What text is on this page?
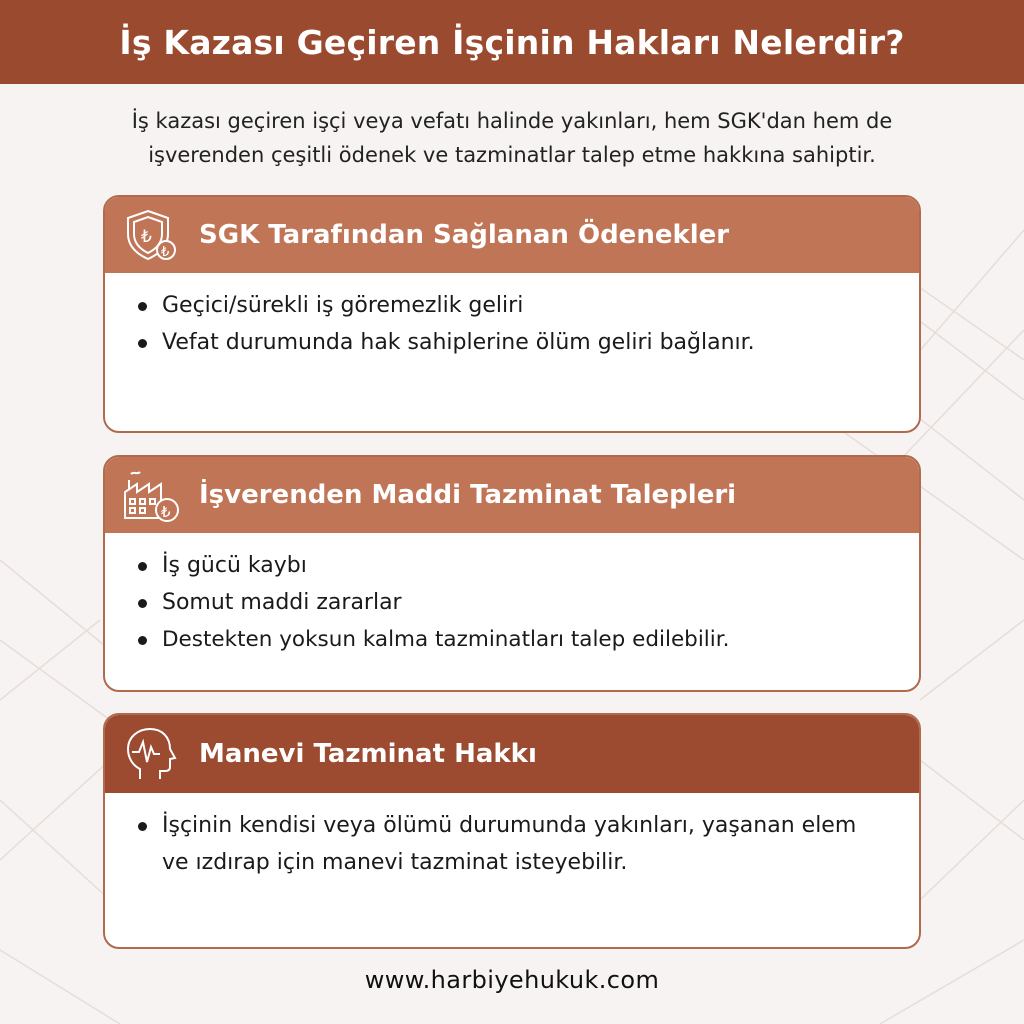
İş Kazası Geçiren İşçinin Hakları Nelerdir?
İş kazası geçiren işçi veya vefatı halinde yakınları, hem SGK'dan hem de
işverenden çeşitli ödenek ve tazminatlar talep etme hakkına sahiptir.
₺
₺
SGK Tarafından Sağlanan Ödenekler
Geçici/sürekli iş göremezlik geliri
Vefat durumunda hak sahiplerine ölüm geliri bağlanır.
₺
İşverenden Maddi Tazminat Talepleri
İş gücü kaybı
Somut maddi zararlar
Destekten yoksun kalma tazminatları talep edilebilir.
Manevi Tazminat Hakkı
İşçinin kendisi veya ölümü durumunda yakınları, yaşanan elem ve ızdırap için manevi tazminat isteyebilir.
www.harbiyehukuk.com
